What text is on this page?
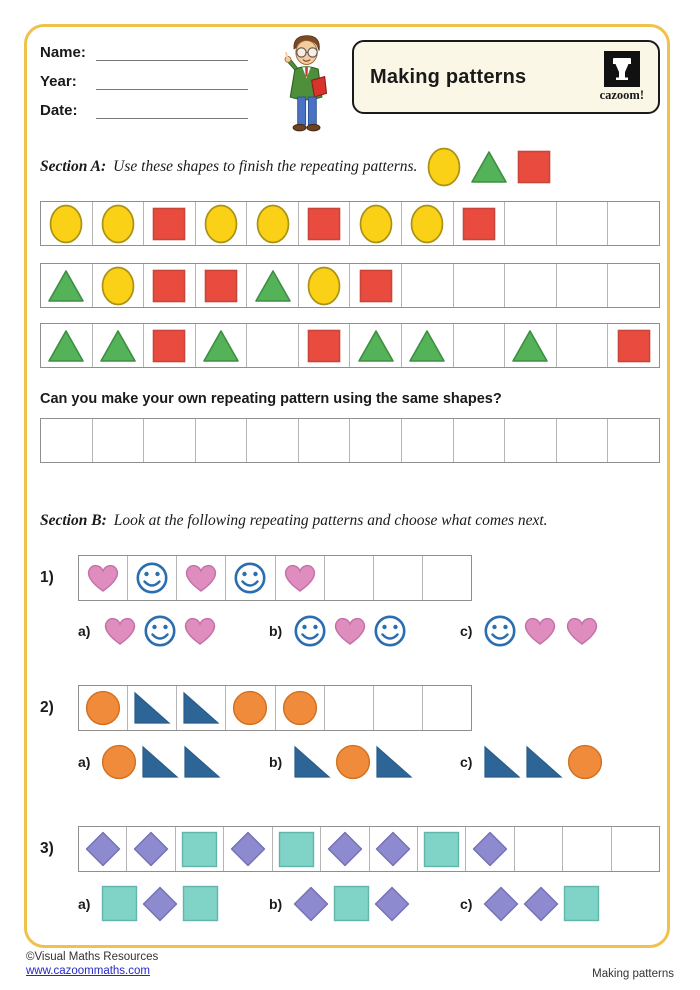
Name:
Year:
Date:
Making patterns
cazoom!
Section A: Use these shapes to finish the repeating patterns.
Can you make your own repeating pattern using the same shapes?
Section B: Look at the following repeating patterns and choose what comes next.
1)
a)	b)	c)
2)
a)	b)	c)
3)
a)	b)	c)
©Visual Maths Resources
www.cazoommaths.com	Making patterns
